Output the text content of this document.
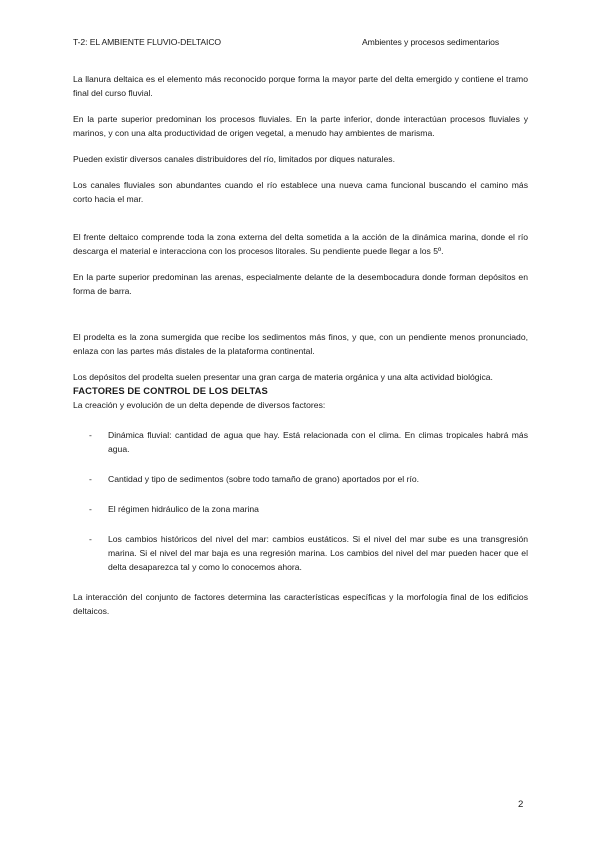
T-2: EL AMBIENTE FLUVIO-DELTAICO	Ambientes y procesos sedimentarios

La llanura deltaica es el elemento más reconocido porque forma la mayor parte del delta emergido y contiene el tramo final del curso fluvial.

En la parte superior predominan los procesos fluviales. En la parte inferior, donde interactúan procesos fluviales y marinos, y con una alta productividad de origen vegetal, a menudo hay ambientes de marisma.

Pueden existir diversos canales distribuidores del río, limitados por diques naturales.

Los canales fluviales son abundantes cuando el río establece una nueva cama funcional buscando el camino más corto hacia el mar.

El frente deltaico comprende toda la zona externa del delta sometida a la acción de la dinámica marina, donde el río descarga el material e interacciona con los procesos litorales. Su pendiente puede llegar a los 5º.

En la parte superior predominan las arenas, especialmente delante de la desembocadura donde forman depósitos en forma de barra.

El prodelta es la zona sumergida que recibe los sedimentos más finos, y que, con un pendiente menos pronunciado, enlaza con las partes más distales de la plataforma continental.

Los depósitos del prodelta suelen presentar una gran carga de materia orgánica y una alta actividad biológica.

FACTORES DE CONTROL DE LOS DELTAS

La creación y evolución de un delta depende de diversos factores:

- Dinámica fluvial: cantidad de agua que hay. Está relacionada con el clima. En climas tropicales habrá más agua.
- Cantidad y tipo de sedimentos (sobre todo tamaño de grano) aportados por el río.
- El régimen hidráulico de la zona marina
- Los cambios históricos del nivel del mar: cambios eustáticos. Si el nivel del mar sube es una transgresión marina. Si el nivel del mar baja es una regresión marina. Los cambios del nivel del mar pueden hacer que el delta desaparezca tal y como lo conocemos ahora.

La interacción del conjunto de factores determina las características específicas y la morfología final de los edificios deltaicos.

2
